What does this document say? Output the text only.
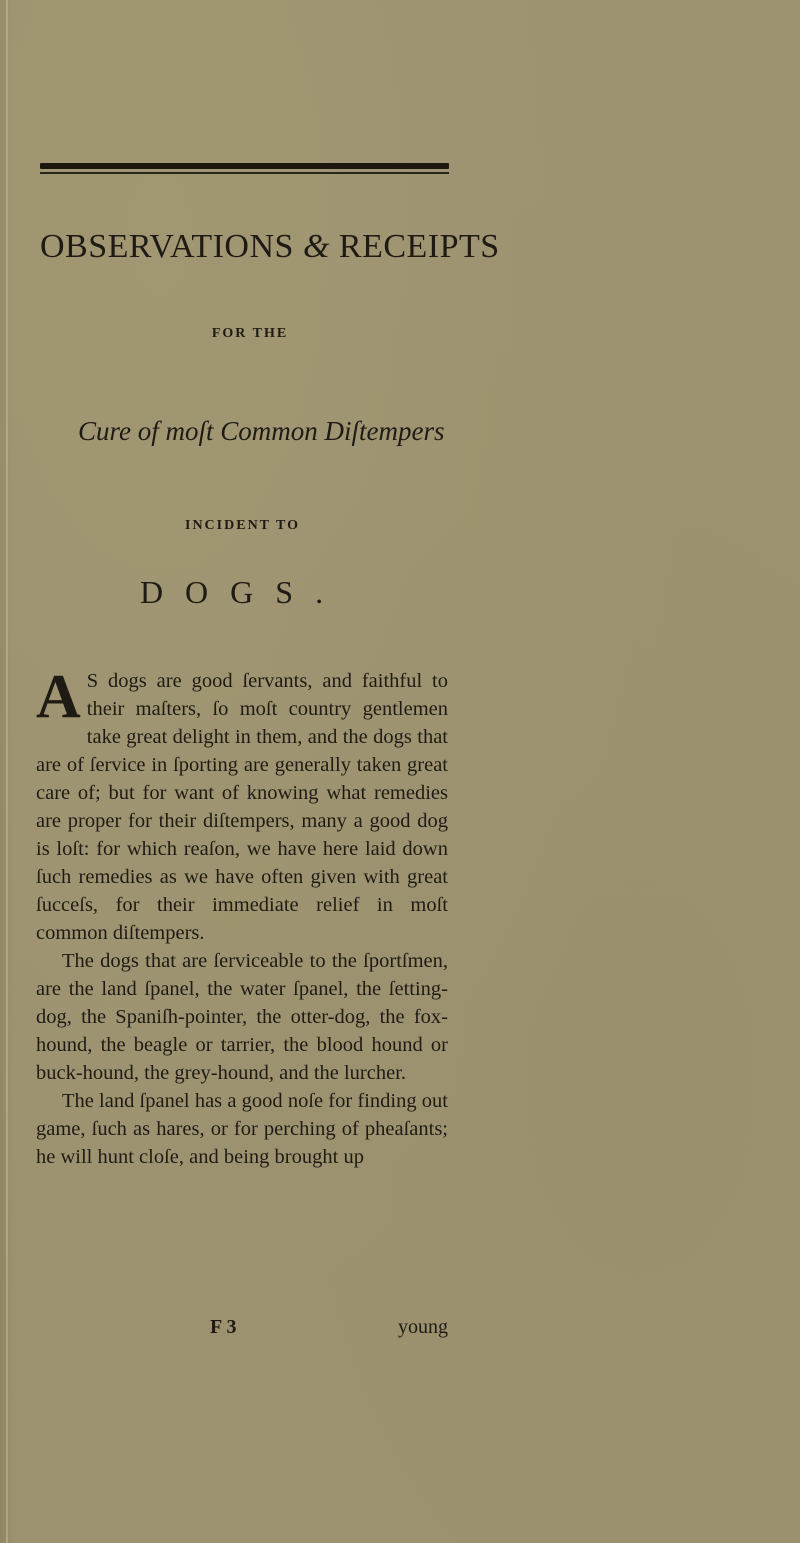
OBSERVATIONS & RECEIPTS
FOR THE
Cure of moſt Common Diſtempers
INCIDENT TO
DOGS.

A S dogs are good ſervants, and faithful to their maſters, ſo moſt country gentlemen take great delight in them, and the dogs that are of ſervice in ſporting are generally taken great care of; but for want of knowing what remedies are proper for their diſtempers, many a good dog is loſt: for which reaſon, we have here laid down ſuch remedies as we have often given with great ſucceſs, for their immediate relief in moſt common diſtempers.

The dogs that are ſerviceable to the ſportſmen, are the land ſpanel, the water ſpanel, the ſetting-dog, the Spaniſh-pointer, the otter-dog, the fox-hound, the beagle or tarrier, the blood hound or buck-hound, the grey-hound, and the lurcher.

The land ſpanel has a good noſe for finding out game, ſuch as hares, or for perching of pheaſants; he will hunt cloſe, and being brought up

F 3	young
